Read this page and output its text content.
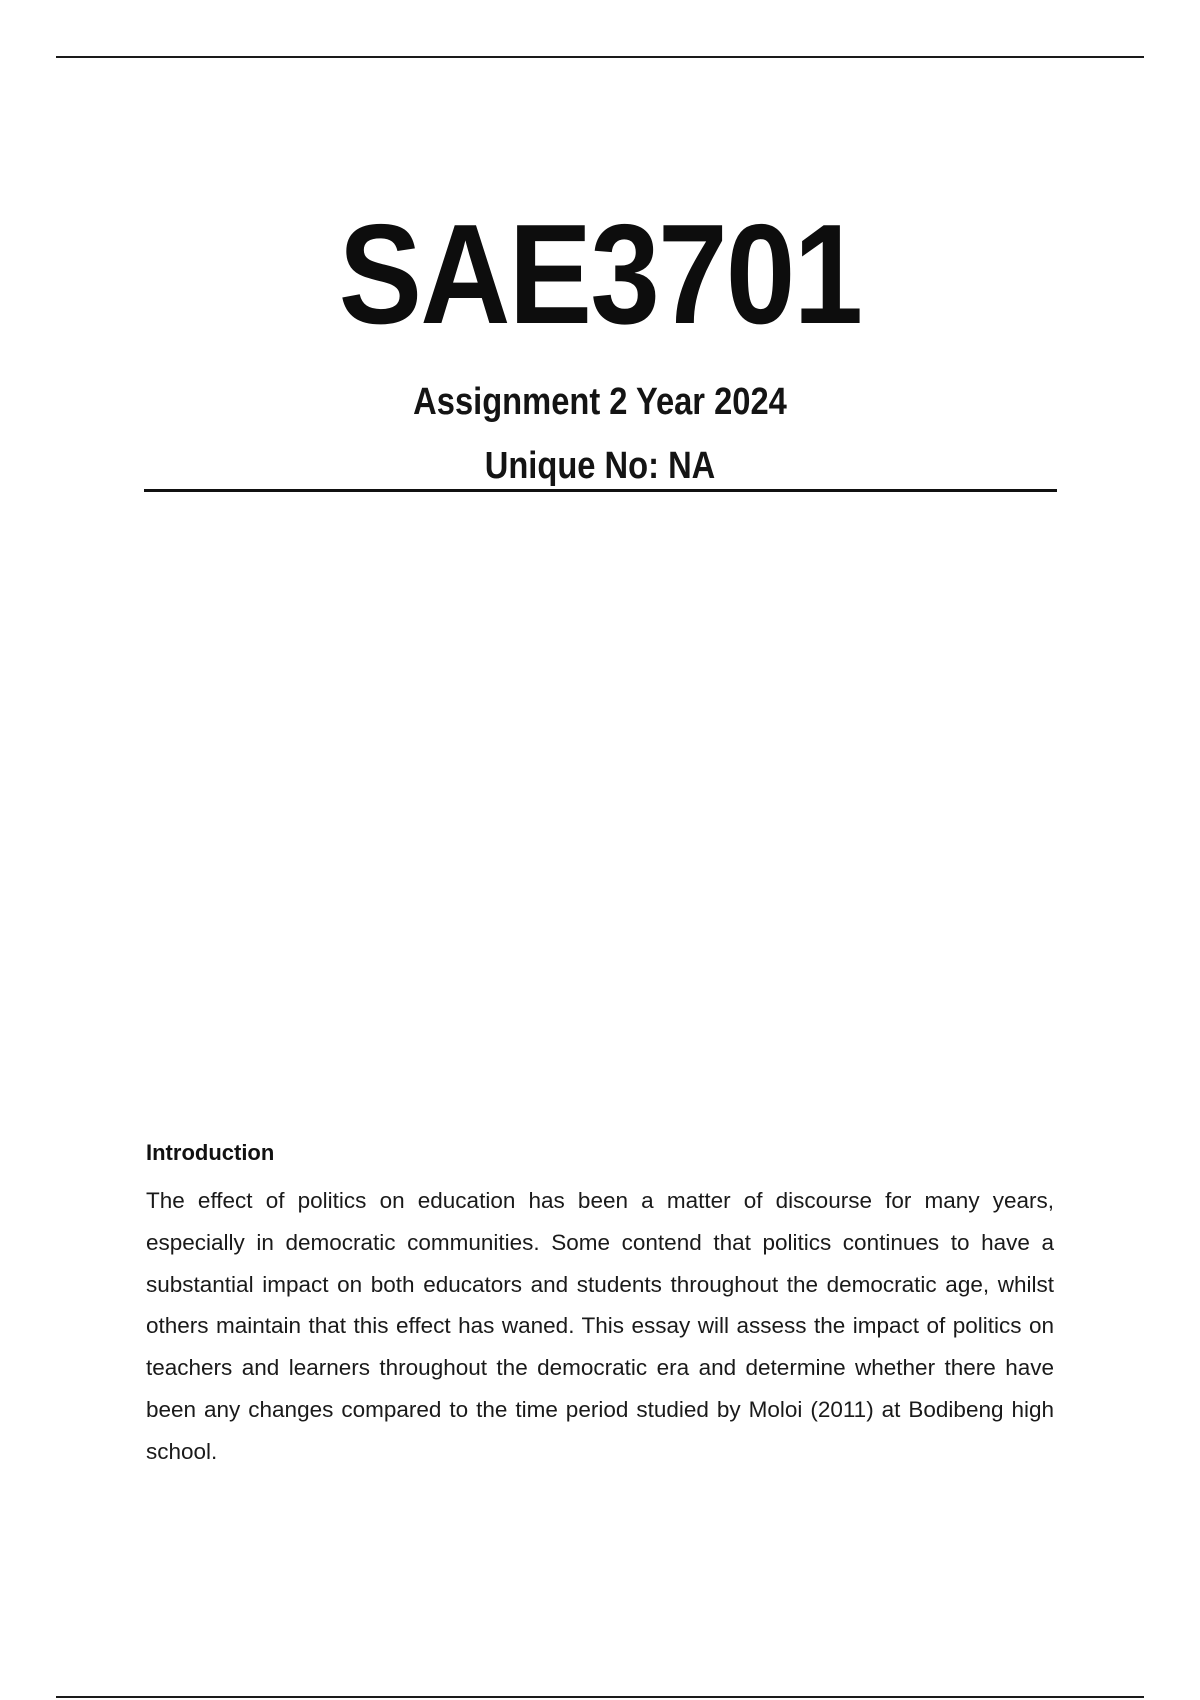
SAE3701
Assignment 2 Year 2024
Unique No: NA
Introduction
The effect of politics on education has been a matter of discourse for many years, especially in democratic communities. Some contend that politics continues to have a substantial impact on both educators and students throughout the democratic age, whilst others maintain that this effect has waned. This essay will assess the impact of politics on teachers and learners throughout the democratic era and determine whether there have been any changes compared to the time period studied by Moloi (2011) at Bodibeng high school.
